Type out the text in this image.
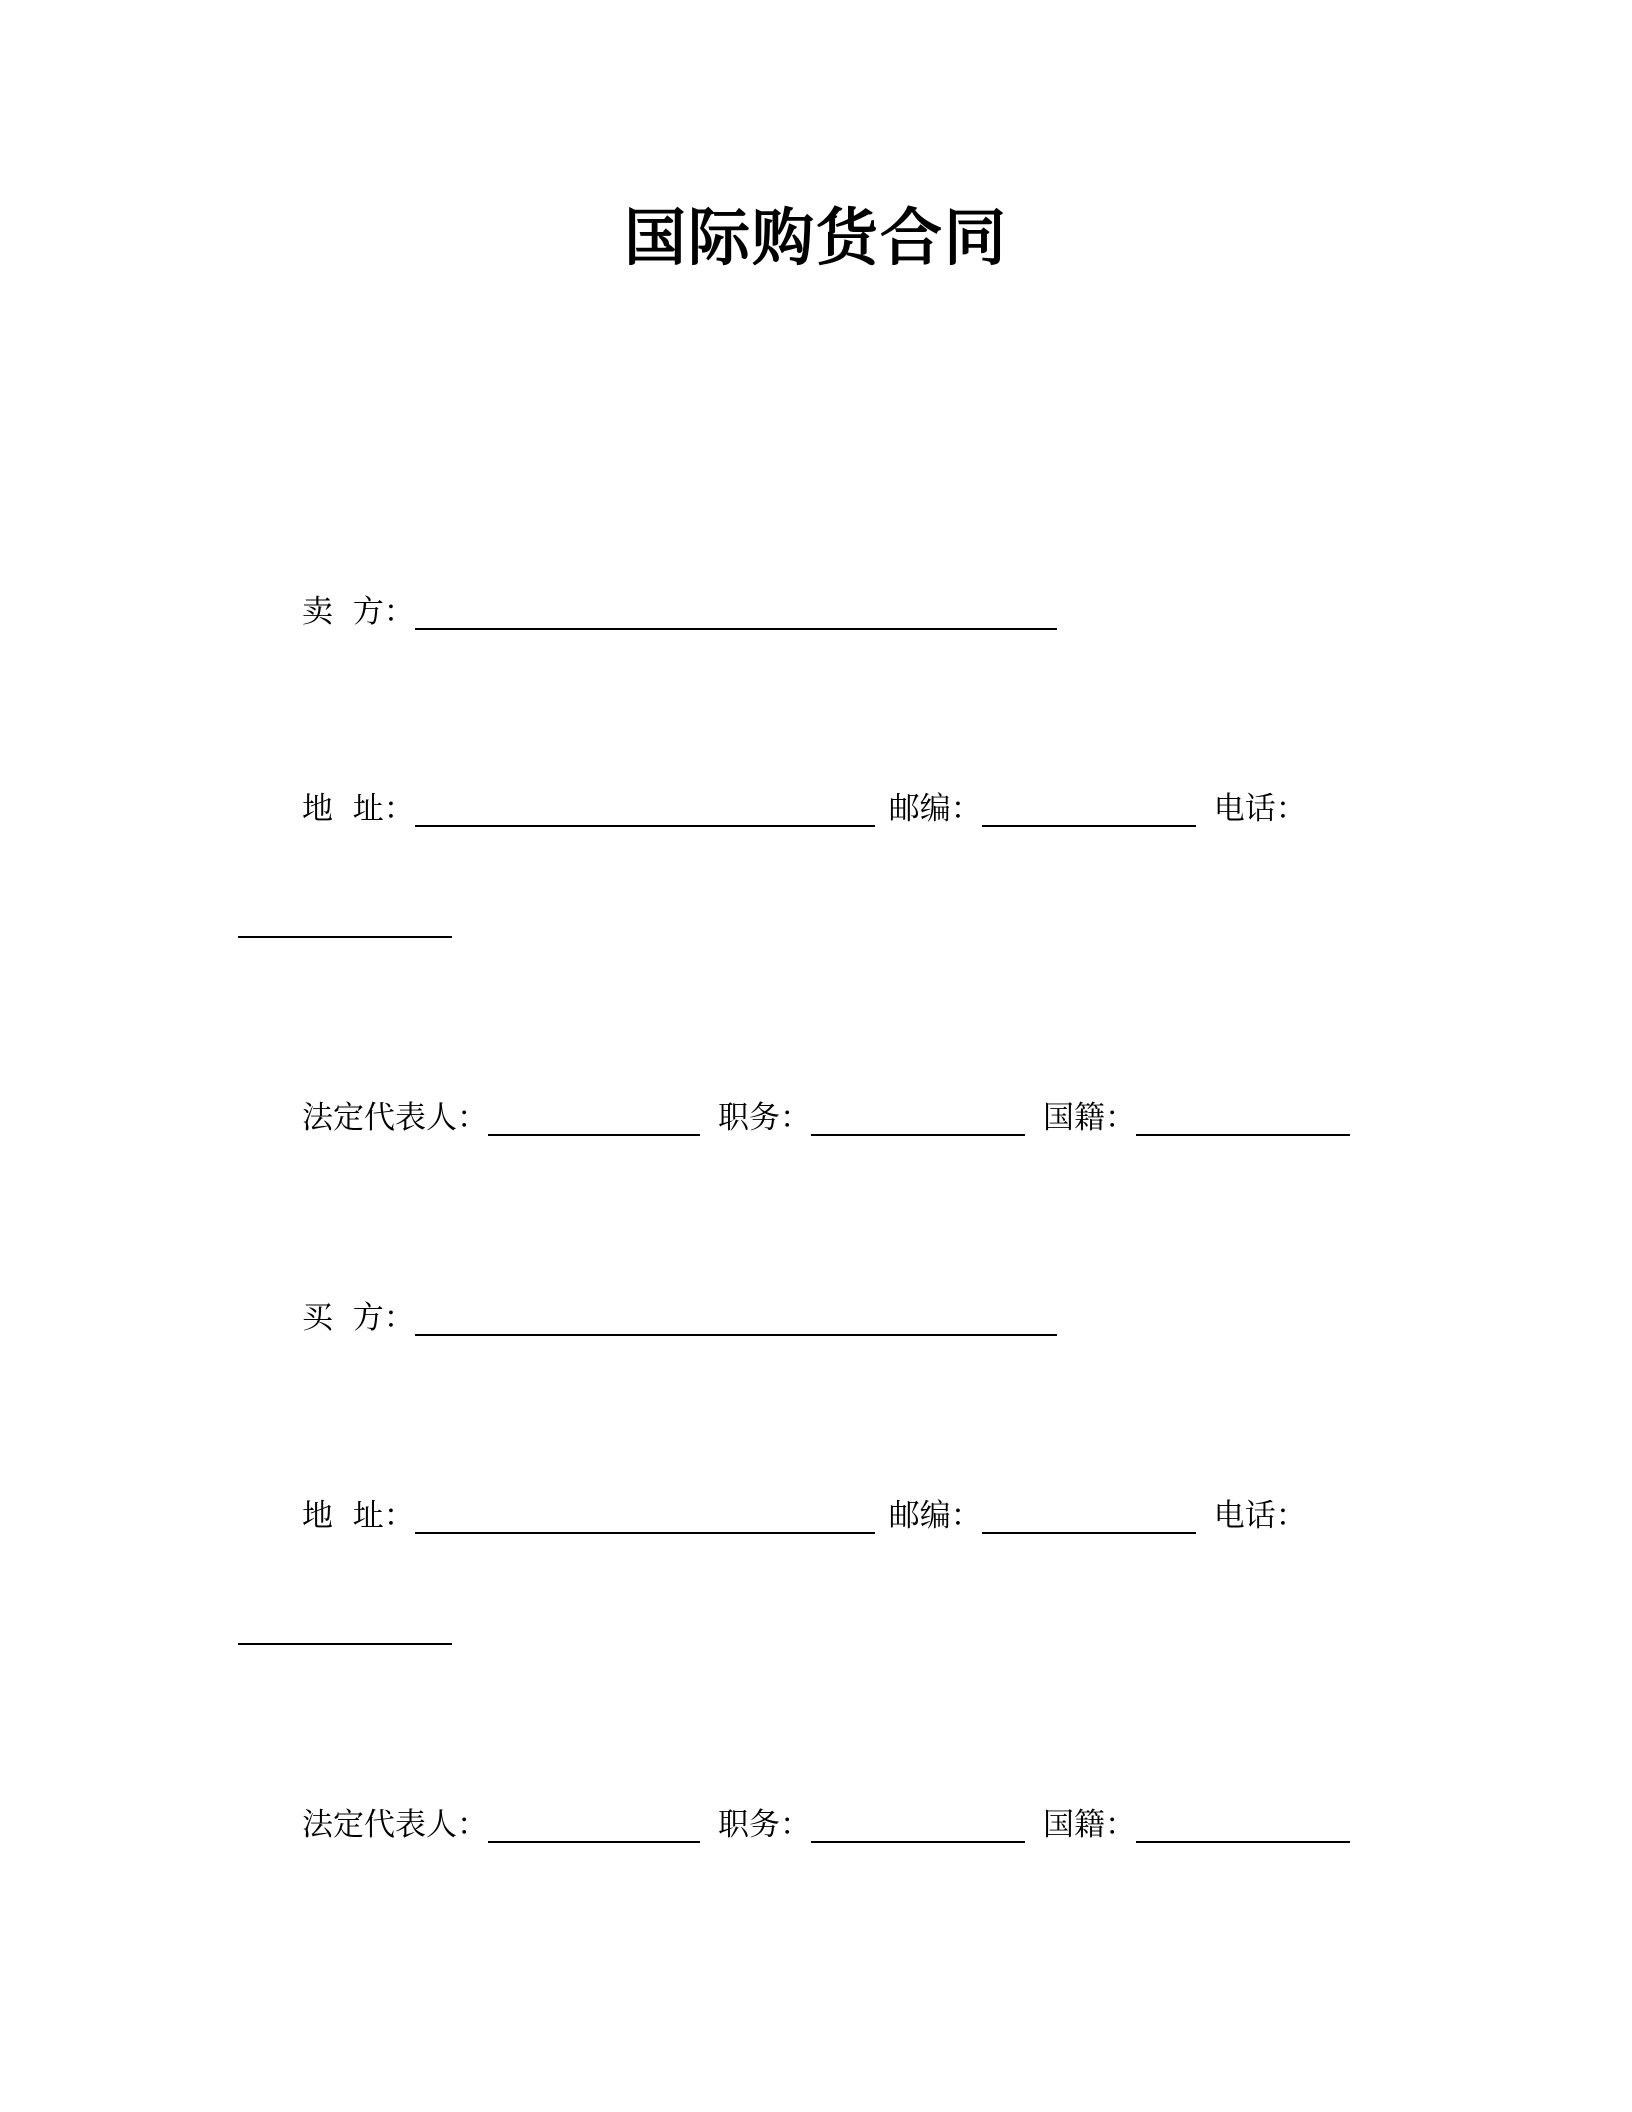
国际购货合同
卖  方：
地  址：	邮编：	电话：
法定代表人：	职务：	国籍：
买  方：
地  址：	邮编：	电话：
法定代表人：	职务：	国籍：
